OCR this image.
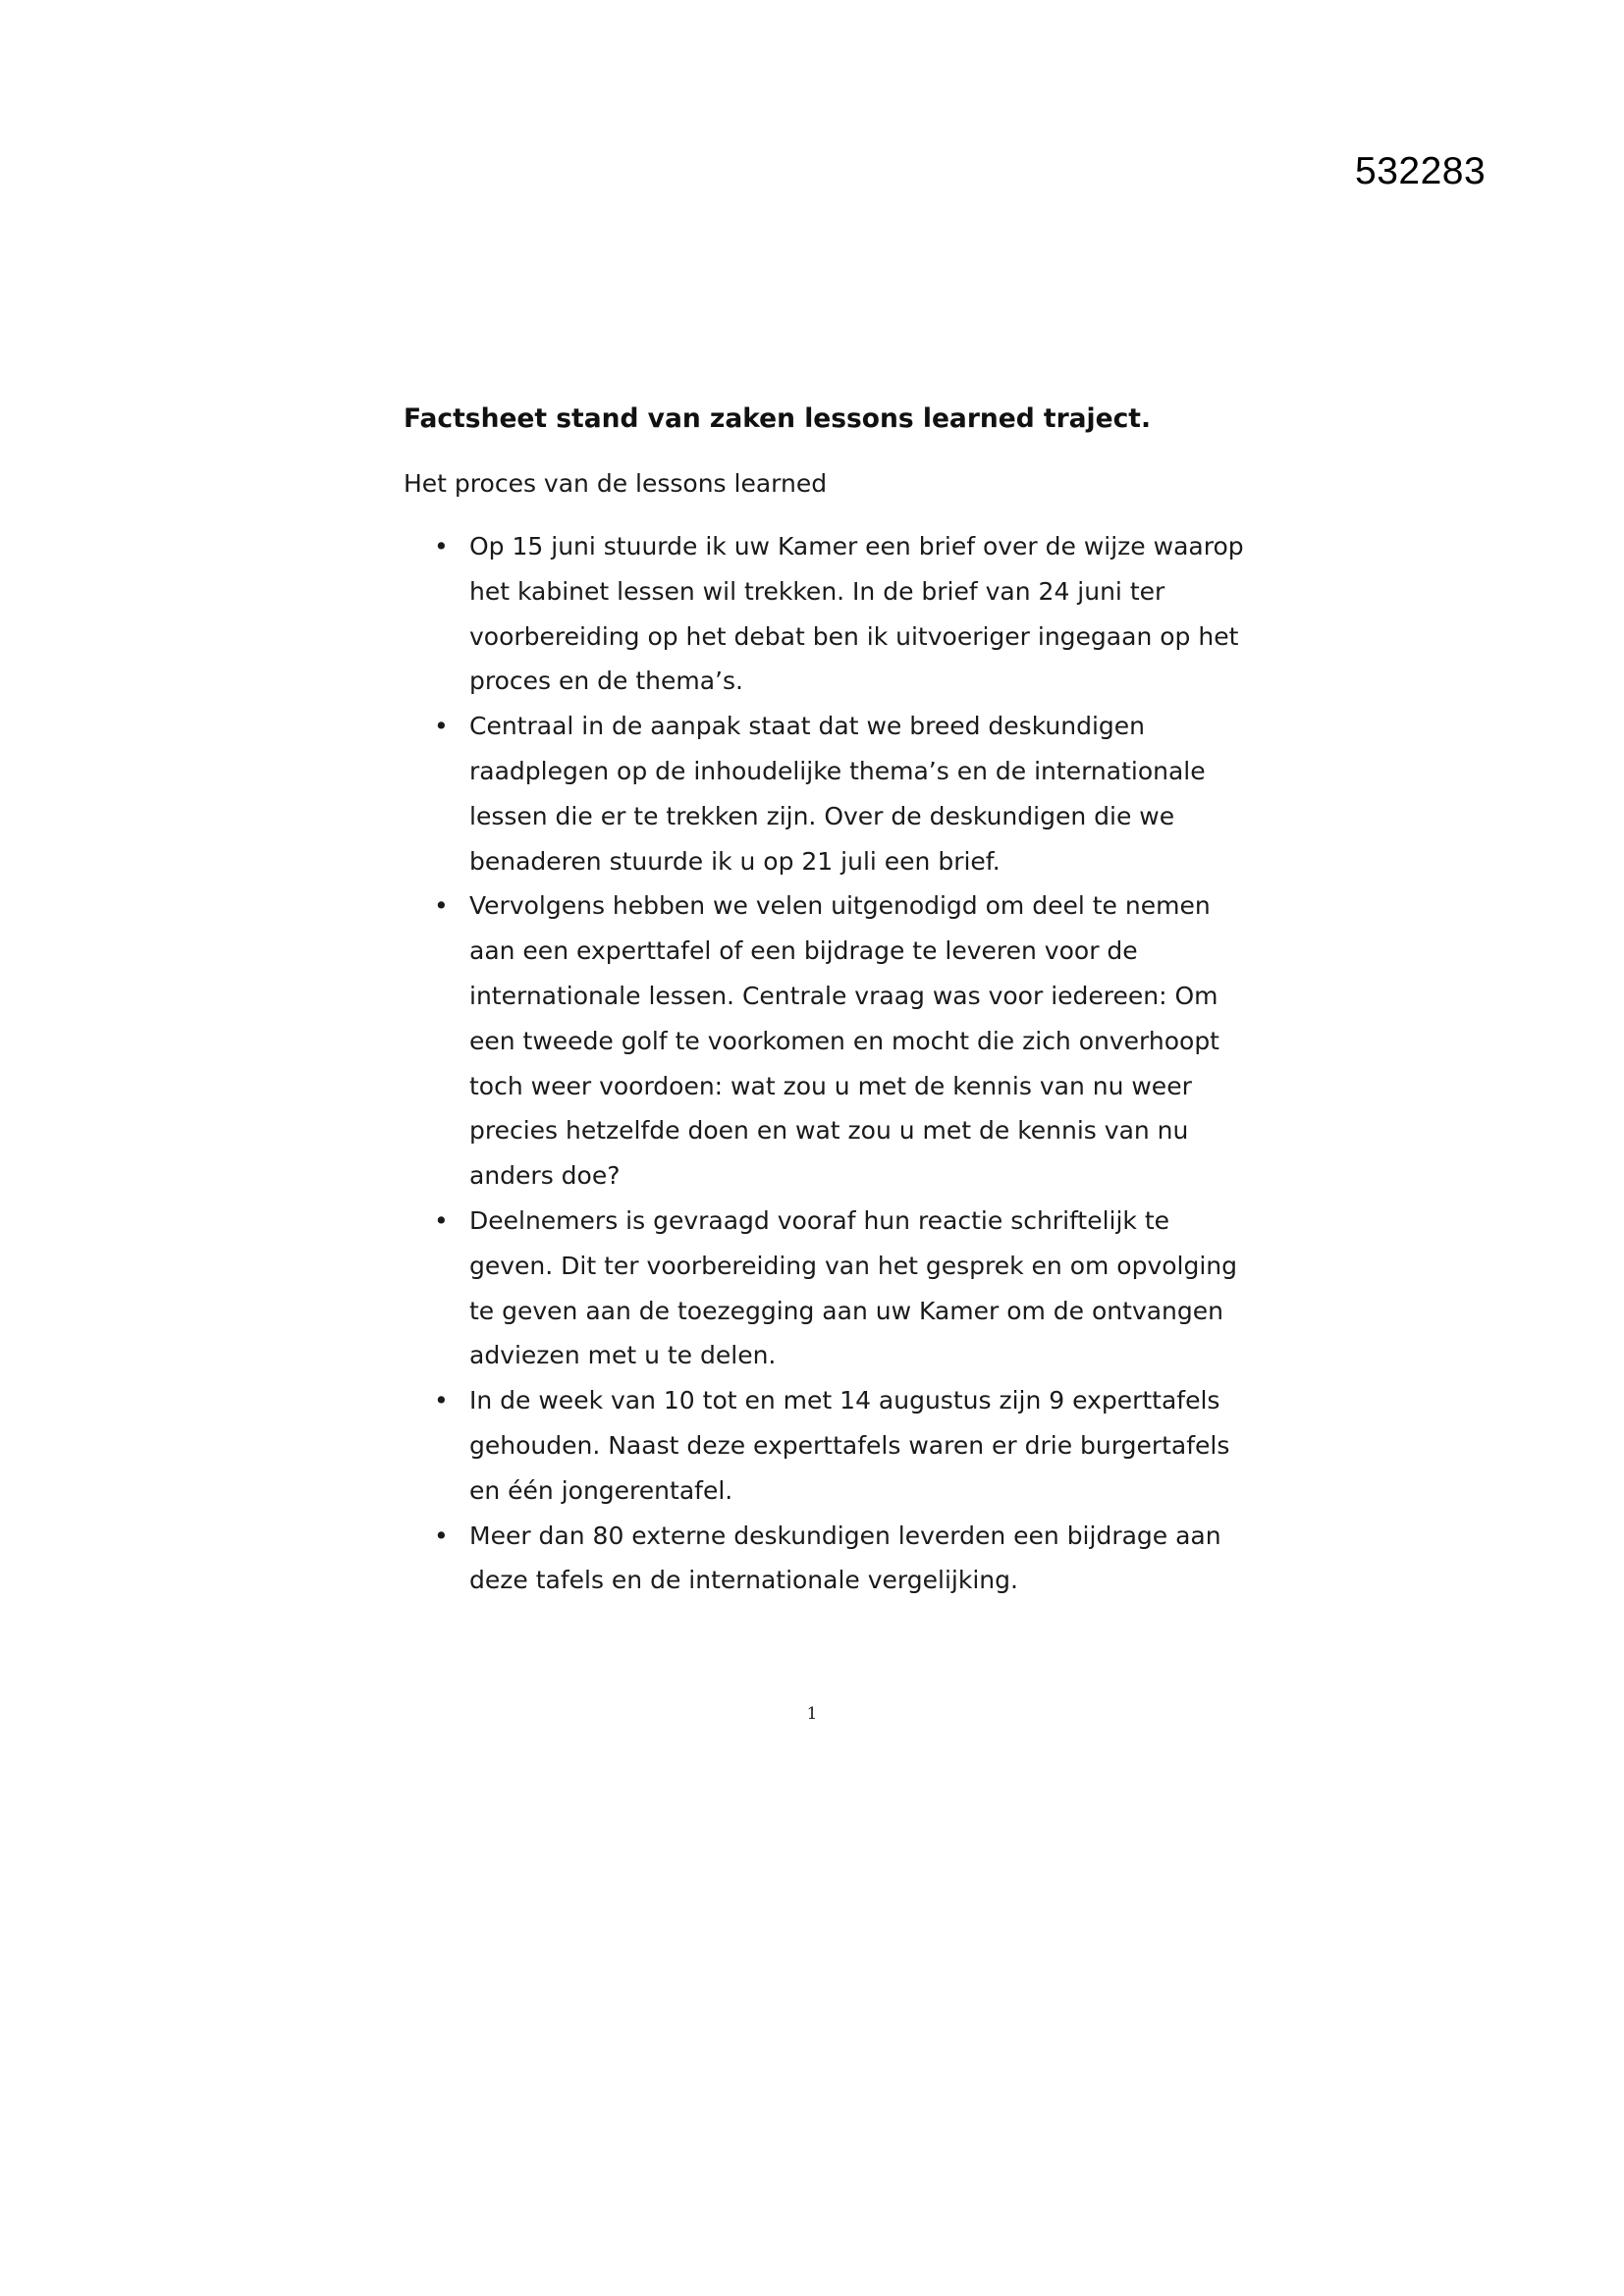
532283
Factsheet stand van zaken lessons learned traject.

Het proces van de lessons learned

• Op 15 juni stuurde ik uw Kamer een brief over de wijze waarop het kabinet lessen wil trekken. In de brief van 24 juni ter voorbereiding op het debat ben ik uitvoeriger ingegaan op het proces en de thema’s.
• Centraal in de aanpak staat dat we breed deskundigen raadplegen op de inhoudelijke thema’s en de internationale lessen die er te trekken zijn. Over de deskundigen die we benaderen stuurde ik u op 21 juli een brief.
• Vervolgens hebben we velen uitgenodigd om deel te nemen aan een experttafel of een bijdrage te leveren voor de internationale lessen. Centrale vraag was voor iedereen: Om een tweede golf te voorkomen en mocht die zich onverhoopt toch weer voordoen: wat zou u met de kennis van nu weer precies hetzelfde doen en wat zou u met de kennis van nu anders doe?
• Deelnemers is gevraagd vooraf hun reactie schriftelijk te geven. Dit ter voorbereiding van het gesprek en om opvolging te geven aan de toezegging aan uw Kamer om de ontvangen adviezen met u te delen.
• In de week van 10 tot en met 14 augustus zijn 9 experttafels gehouden. Naast deze experttafels waren er drie burgertafels en één jongerentafel.
• Meer dan 80 externe deskundigen leverden een bijdrage aan deze tafels en de internationale vergelijking.
1
